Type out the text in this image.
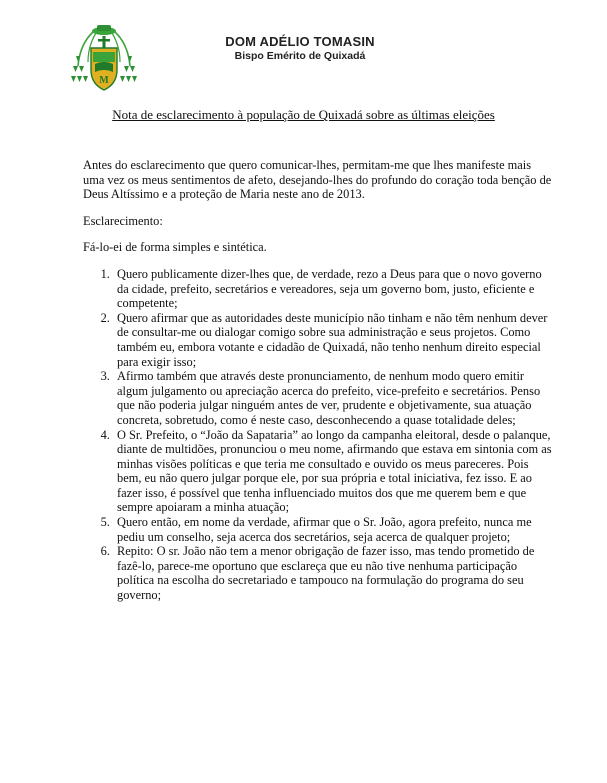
M
DOM ADÉLIO TOMASIN
Bispo Emérito de Quixadá
Nota de esclarecimento à população de Quixadá sobre as últimas eleições

Antes do esclarecimento que quero comunicar-lhes, permitam-me que lhes manifeste mais uma vez os meus sentimentos de afeto, desejando-lhes do profundo do coração toda benção de Deus Altíssimo e a proteção de Maria neste ano de 2013.

Esclarecimento:

Fá-lo-ei de forma simples e sintética.

1. Quero publicamente dizer-lhes que, de verdade, rezo a Deus para que o novo governo da cidade, prefeito, secretários e vereadores, seja um governo bom, justo, eficiente e competente;
2. Quero afirmar que as autoridades deste município não tinham e não têm nenhum dever de consultar-me ou dialogar comigo sobre sua administração e seus projetos. Como também eu, embora votante e cidadão de Quixadá, não tenho nenhum direito especial para exigir isso;
3. Afirmo também que através deste pronunciamento, de nenhum modo quero emitir algum julgamento ou apreciação acerca do prefeito, vice-prefeito e secretários. Penso que não poderia julgar ninguém antes de ver, prudente e objetivamente, sua atuação concreta, sobretudo, como é neste caso, desconhecendo a quase totalidade deles;
4. O Sr. Prefeito, o “João da Sapataria” ao longo da campanha eleitoral, desde o palanque, diante de multidões, pronunciou o meu nome, afirmando que estava em sintonia com as minhas visões políticas e que teria me consultado e ouvido os meus pareceres. Pois bem, eu não quero julgar porque ele, por sua própria e total iniciativa, fez isso. E ao fazer isso, é possível que tenha influenciado muitos dos que me querem bem e que sempre apoiaram a minha atuação;
5. Quero então, em nome da verdade, afirmar que o Sr. João, agora prefeito, nunca me pediu um conselho, seja acerca dos secretários, seja acerca de qualquer projeto;
6. Repito: O sr. João não tem a menor obrigação de fazer isso, mas tendo prometido de fazê-lo, parece-me oportuno que esclareça que eu não tive nenhuma participação política na escolha do secretariado e tampouco na formulação do programa do seu governo;
